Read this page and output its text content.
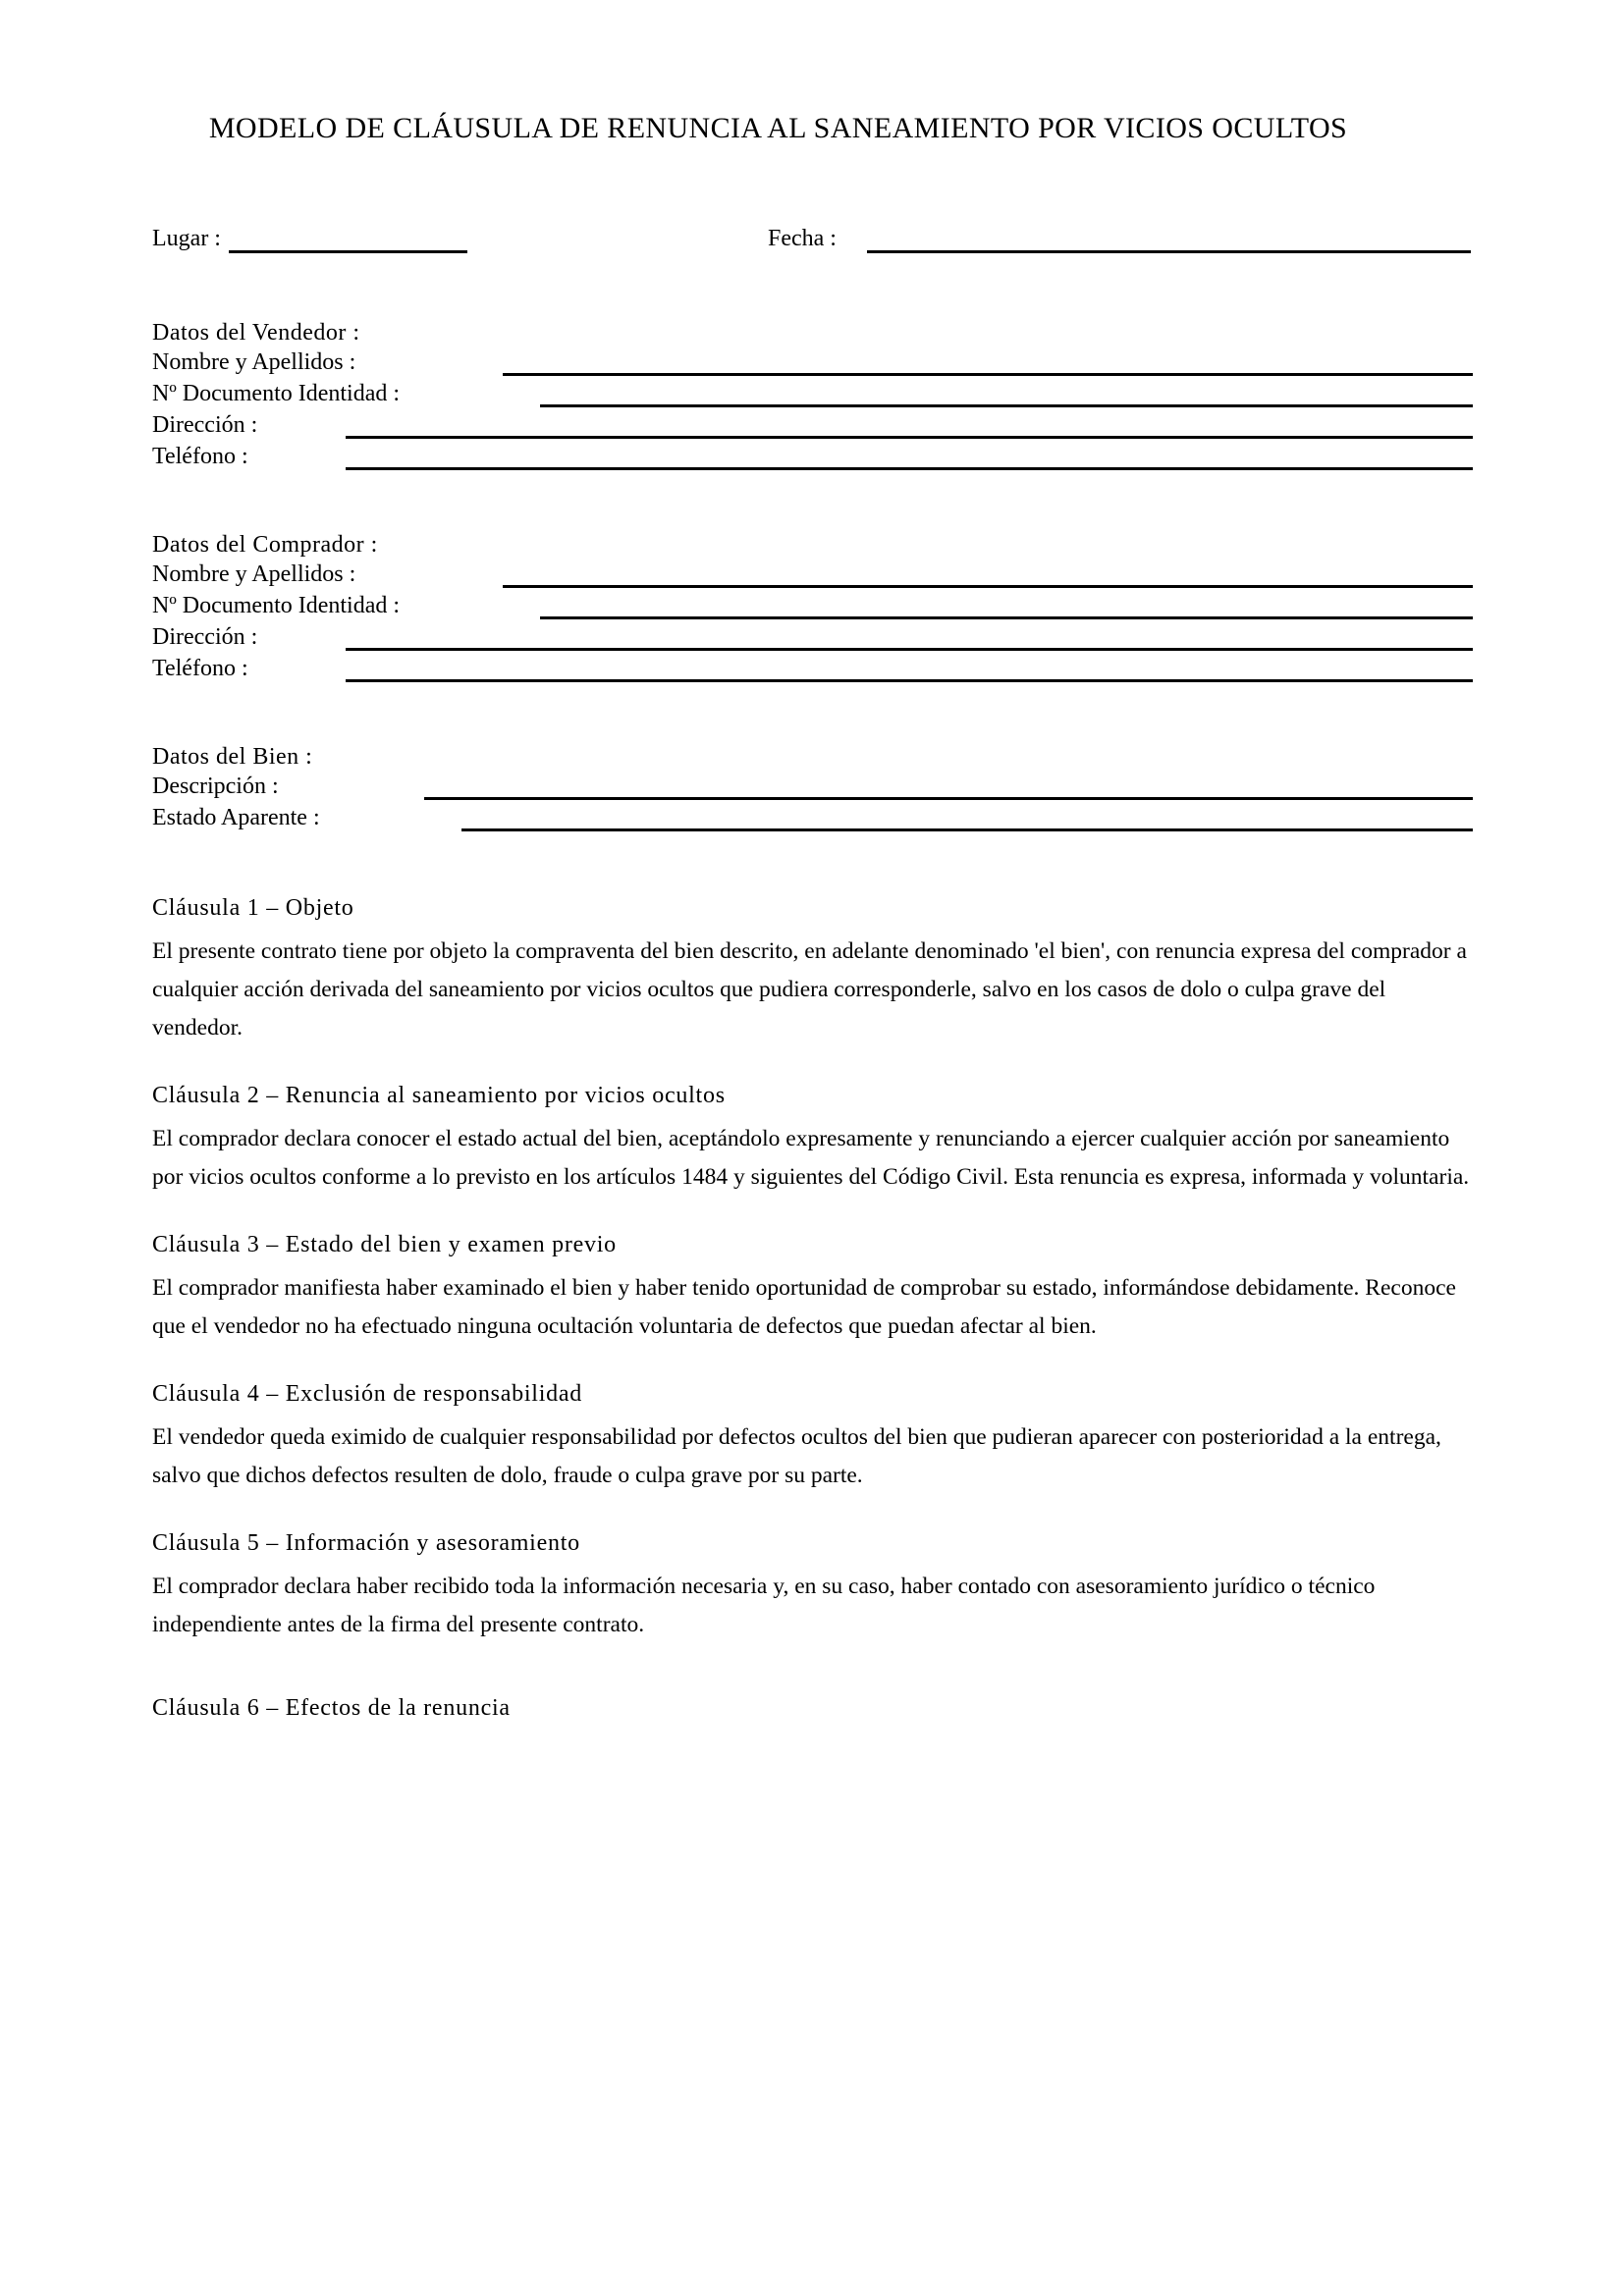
MODELO DE CLÁUSULA DE RENUNCIA AL SANEAMIENTO POR VICIOS OCULTOS
Lugar :	Fecha :
Datos del Vendedor :
Nombre y Apellidos :
Nº Documento Identidad :
Dirección :
Teléfono :
Datos del Comprador :
Nombre y Apellidos :
Nº Documento Identidad :
Dirección :
Teléfono :
Datos del Bien :
Descripción :
Estado Aparente :
Cláusula 1 – Objeto

El presente contrato tiene por objeto la compraventa del bien descrito, en adelante denominado 'el bien', con renuncia expresa del comprador a cualquier acción derivada del saneamiento por vicios ocultos que pudiera corresponderle, salvo en los casos de dolo o culpa grave del vendedor.

Cláusula 2 – Renuncia al saneamiento por vicios ocultos

El comprador declara conocer el estado actual del bien, aceptándolo expresamente y renunciando a ejercer cualquier acción por saneamiento por vicios ocultos conforme a lo previsto en los artículos 1484 y siguientes del Código Civil. Esta renuncia es expresa, informada y voluntaria.

Cláusula 3 – Estado del bien y examen previo

El comprador manifiesta haber examinado el bien y haber tenido oportunidad de comprobar su estado, informándose debidamente. Reconoce que el vendedor no ha efectuado ninguna ocultación voluntaria de defectos que puedan afectar al bien.

Cláusula 4 – Exclusión de responsabilidad

El vendedor queda eximido de cualquier responsabilidad por defectos ocultos del bien que pudieran aparecer con posterioridad a la entrega, salvo que dichos defectos resulten de dolo, fraude o culpa grave por su parte.

Cláusula 5 – Información y asesoramiento

El comprador declara haber recibido toda la información necesaria y, en su caso, haber contado con asesoramiento jurídico o técnico independiente antes de la firma del presente contrato.

Cláusula 6 – Efectos de la renuncia
